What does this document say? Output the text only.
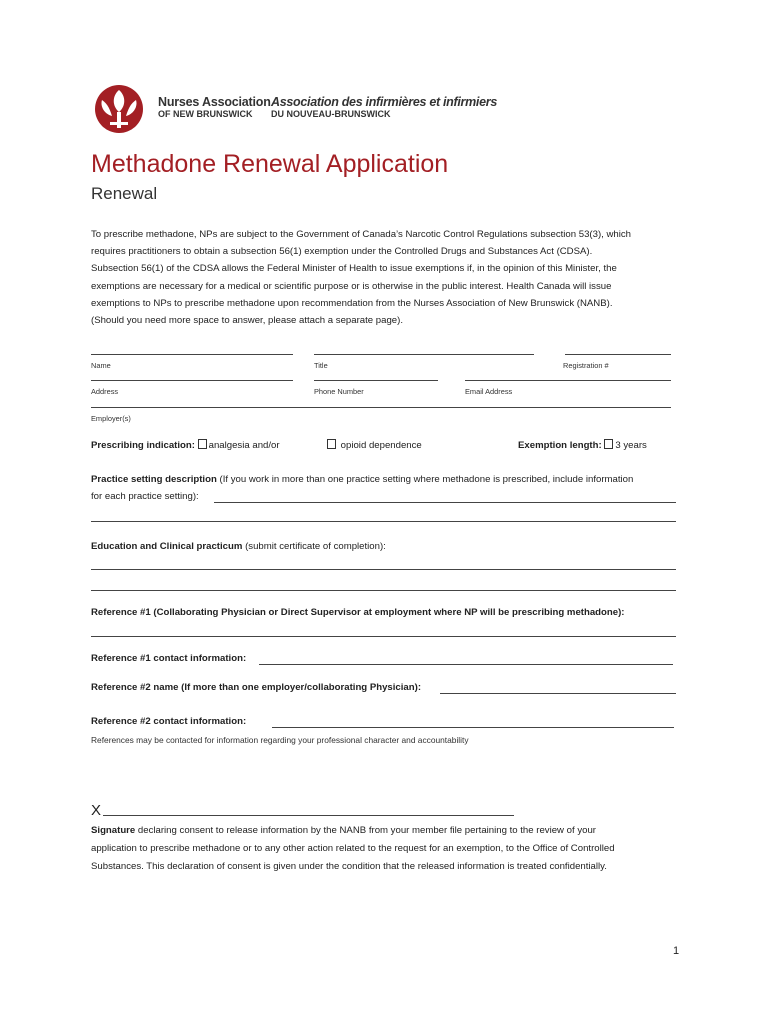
Nurses Association
OF NEW BRUNSWICK
Association des infirmières et infirmiers
DU NOUVEAU-BRUNSWICK
Methadone Renewal Application
Renewal
To prescribe methadone, NPs are subject to the Government of Canada’s Narcotic Control Regulations subsection 53(3), which
requires practitioners to obtain a subsection 56(1) exemption under the Controlled Drugs and Substances Act (CDSA).
Subsection 56(1) of the CDSA allows the Federal Minister of Health to issue exemptions if, in the opinion of this Minister, the
exemptions are necessary for a medical or scientific purpose or is otherwise in the public interest. Health Canada will issue
exemptions to NPs to prescribe methadone upon recommendation from the Nurses Association of New Brunswick (NANB).
(Should you need more space to answer, please attach a separate page).
Name	Title	Registration #
Address	Phone Number	Email Address
Employer(s)
Prescribing indication: analgesia and/or	opioid dependence	Exemption length: 3 years
Practice setting description (If you work in more than one practice setting where methadone is prescribed, include information
for each practice setting):
Education and Clinical practicum (submit certificate of completion):
Reference #1 (Collaborating Physician or Direct Supervisor at employment where NP will be prescribing methadone):
Reference #1 contact information:
Reference #2 name (If more than one employer/collaborating Physician):
Reference #2 contact information:
References may be contacted for information regarding your professional character and accountability
X
Signature declaring consent to release information by the NANB from your member file pertaining to the review of your
application to prescribe methadone or to any other action related to the request for an exemption, to the Office of Controlled
Substances. This declaration of consent is given under the condition that the released information is treated confidentially.
1
